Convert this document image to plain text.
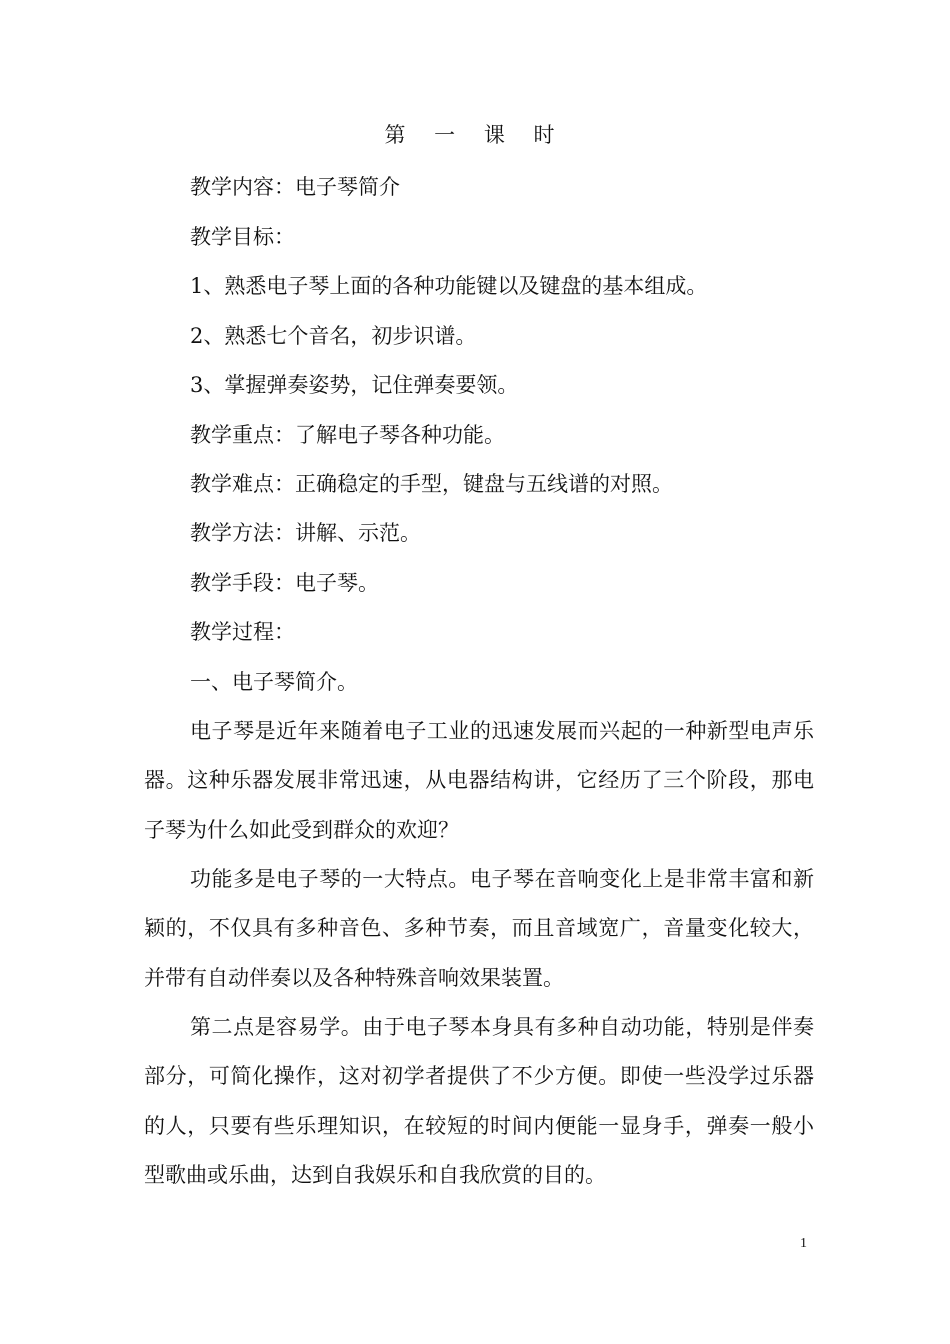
第 一 课 时
教学内容：电子琴简介
教学目标：
1、熟悉电子琴上面的各种功能键以及键盘的基本组成。
2、熟悉七个音名，初步识谱。
3、掌握弹奏姿势，记住弹奏要领。
教学重点：了解电子琴各种功能。
教学难点：正确稳定的手型，键盘与五线谱的对照。
教学方法：讲解、示范。
教学手段：电子琴。
教学过程：
一、电子琴简介。

电子琴是近年来随着电子工业的迅速发展而兴起的一种新型电声乐器。这种乐器发展非常迅速，从电器结构讲，它经历了三个阶段，那电子琴为什么如此受到群众的欢迎？

功能多是电子琴的一大特点。电子琴在音响变化上是非常丰富和新颖的，不仅具有多种音色、多种节奏，而且音域宽广，音量变化较大，并带有自动伴奏以及各种特殊音响效果装置。

第二点是容易学。由于电子琴本身具有多种自动功能，特别是伴奏部分，可简化操作，这对初学者提供了不少方便。即使一些没学过乐器的人，只要有些乐理知识，在较短的时间内便能一显身手，弹奏一般小型歌曲或乐曲，达到自我娱乐和自我欣赏的目的。

1
